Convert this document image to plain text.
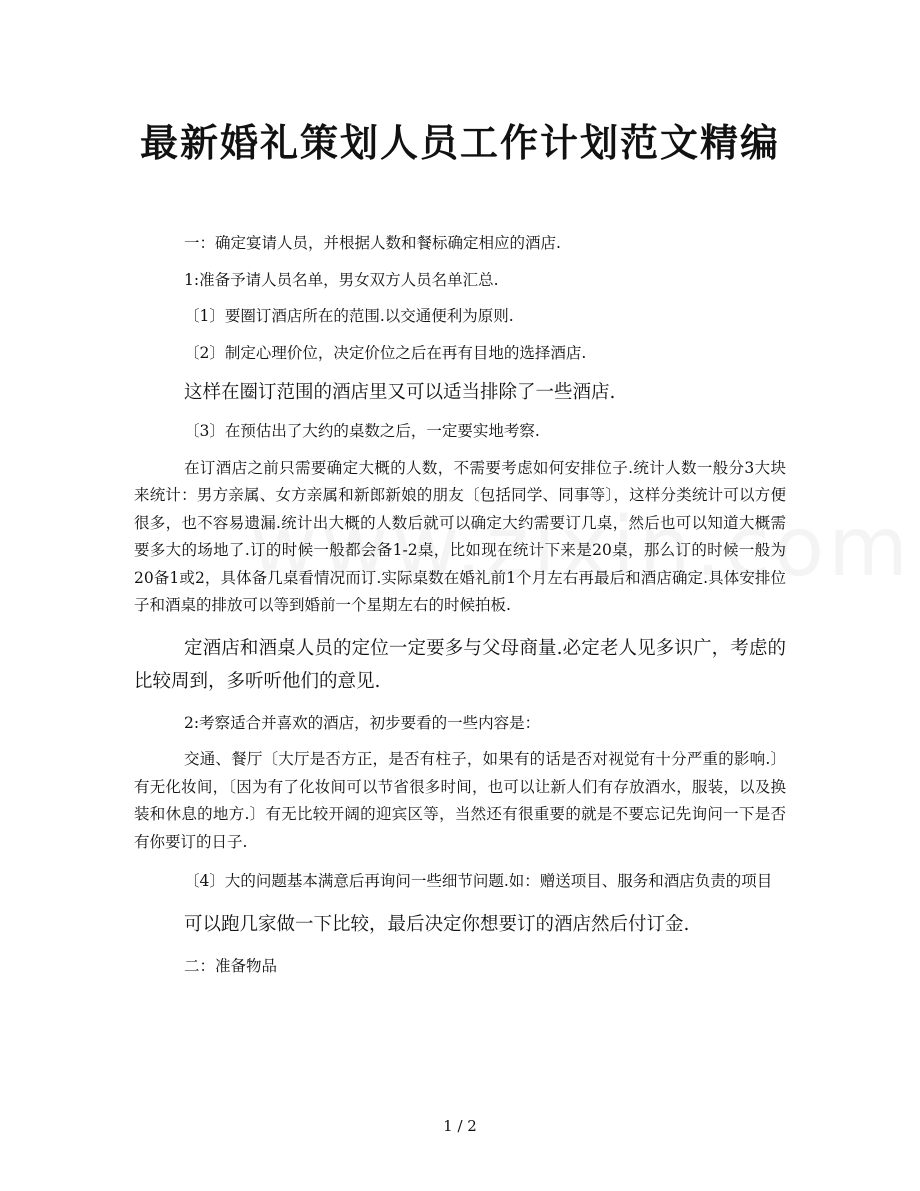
最新婚礼策划人员工作计划范文精编

一：确定宴请人员，并根据人数和餐标确定相应的酒店.

1:准备予请人员名单，男女双方人员名单汇总.

〔1〕要圈订酒店所在的范围.以交通便利为原则.

〔2〕制定心理价位，决定价位之后在再有目地的选择酒店.

这样在圈订范围的酒店里又可以适当排除了一些酒店.

〔3〕在预估出了大约的桌数之后，一定要实地考察.

在订酒店之前只需要确定大概的人数，不需要考虑如何安排位子.统计人数一般分3大块来统计：男方亲属、女方亲属和新郎新娘的朋友〔包括同学、同事等〕，这样分类统计可以方便很多，也不容易遗漏.统计出大概的人数后就可以确定大约需要订几桌，然后也可以知道大概需要多大的场地了.订的时候一般都会备1-2桌，比如现在统计下来是20桌，那么订的时候一般为20备1或2，具体备几桌看情况而订.实际桌数在婚礼前1个月左右再最后和酒店确定.具体安排位子和酒桌的排放可以等到婚前一个星期左右的时候拍板.

定酒店和酒桌人员的定位一定要多与父母商量.必定老人见多识广，考虑的比较周到，多听听他们的意见.

2:考察适合并喜欢的酒店，初步要看的一些内容是：

交通、餐厅〔大厅是否方正，是否有柱子，如果有的话是否对视觉有十分严重的影响.〕有无化妆间，〔因为有了化妆间可以节省很多时间，也可以让新人们有存放酒水，服装，以及换装和休息的地方.〕有无比较开阔的迎宾区等，当然还有很重要的就是不要忘记先询问一下是否有你要订的日子.

〔4〕大的问题基本满意后再询问一些细节问题.如：赠送项目、服务和酒店负责的项目

可以跑几家做一下比较，最后决定你想要订的酒店然后付订金.

二：准备物品

1 / 2
